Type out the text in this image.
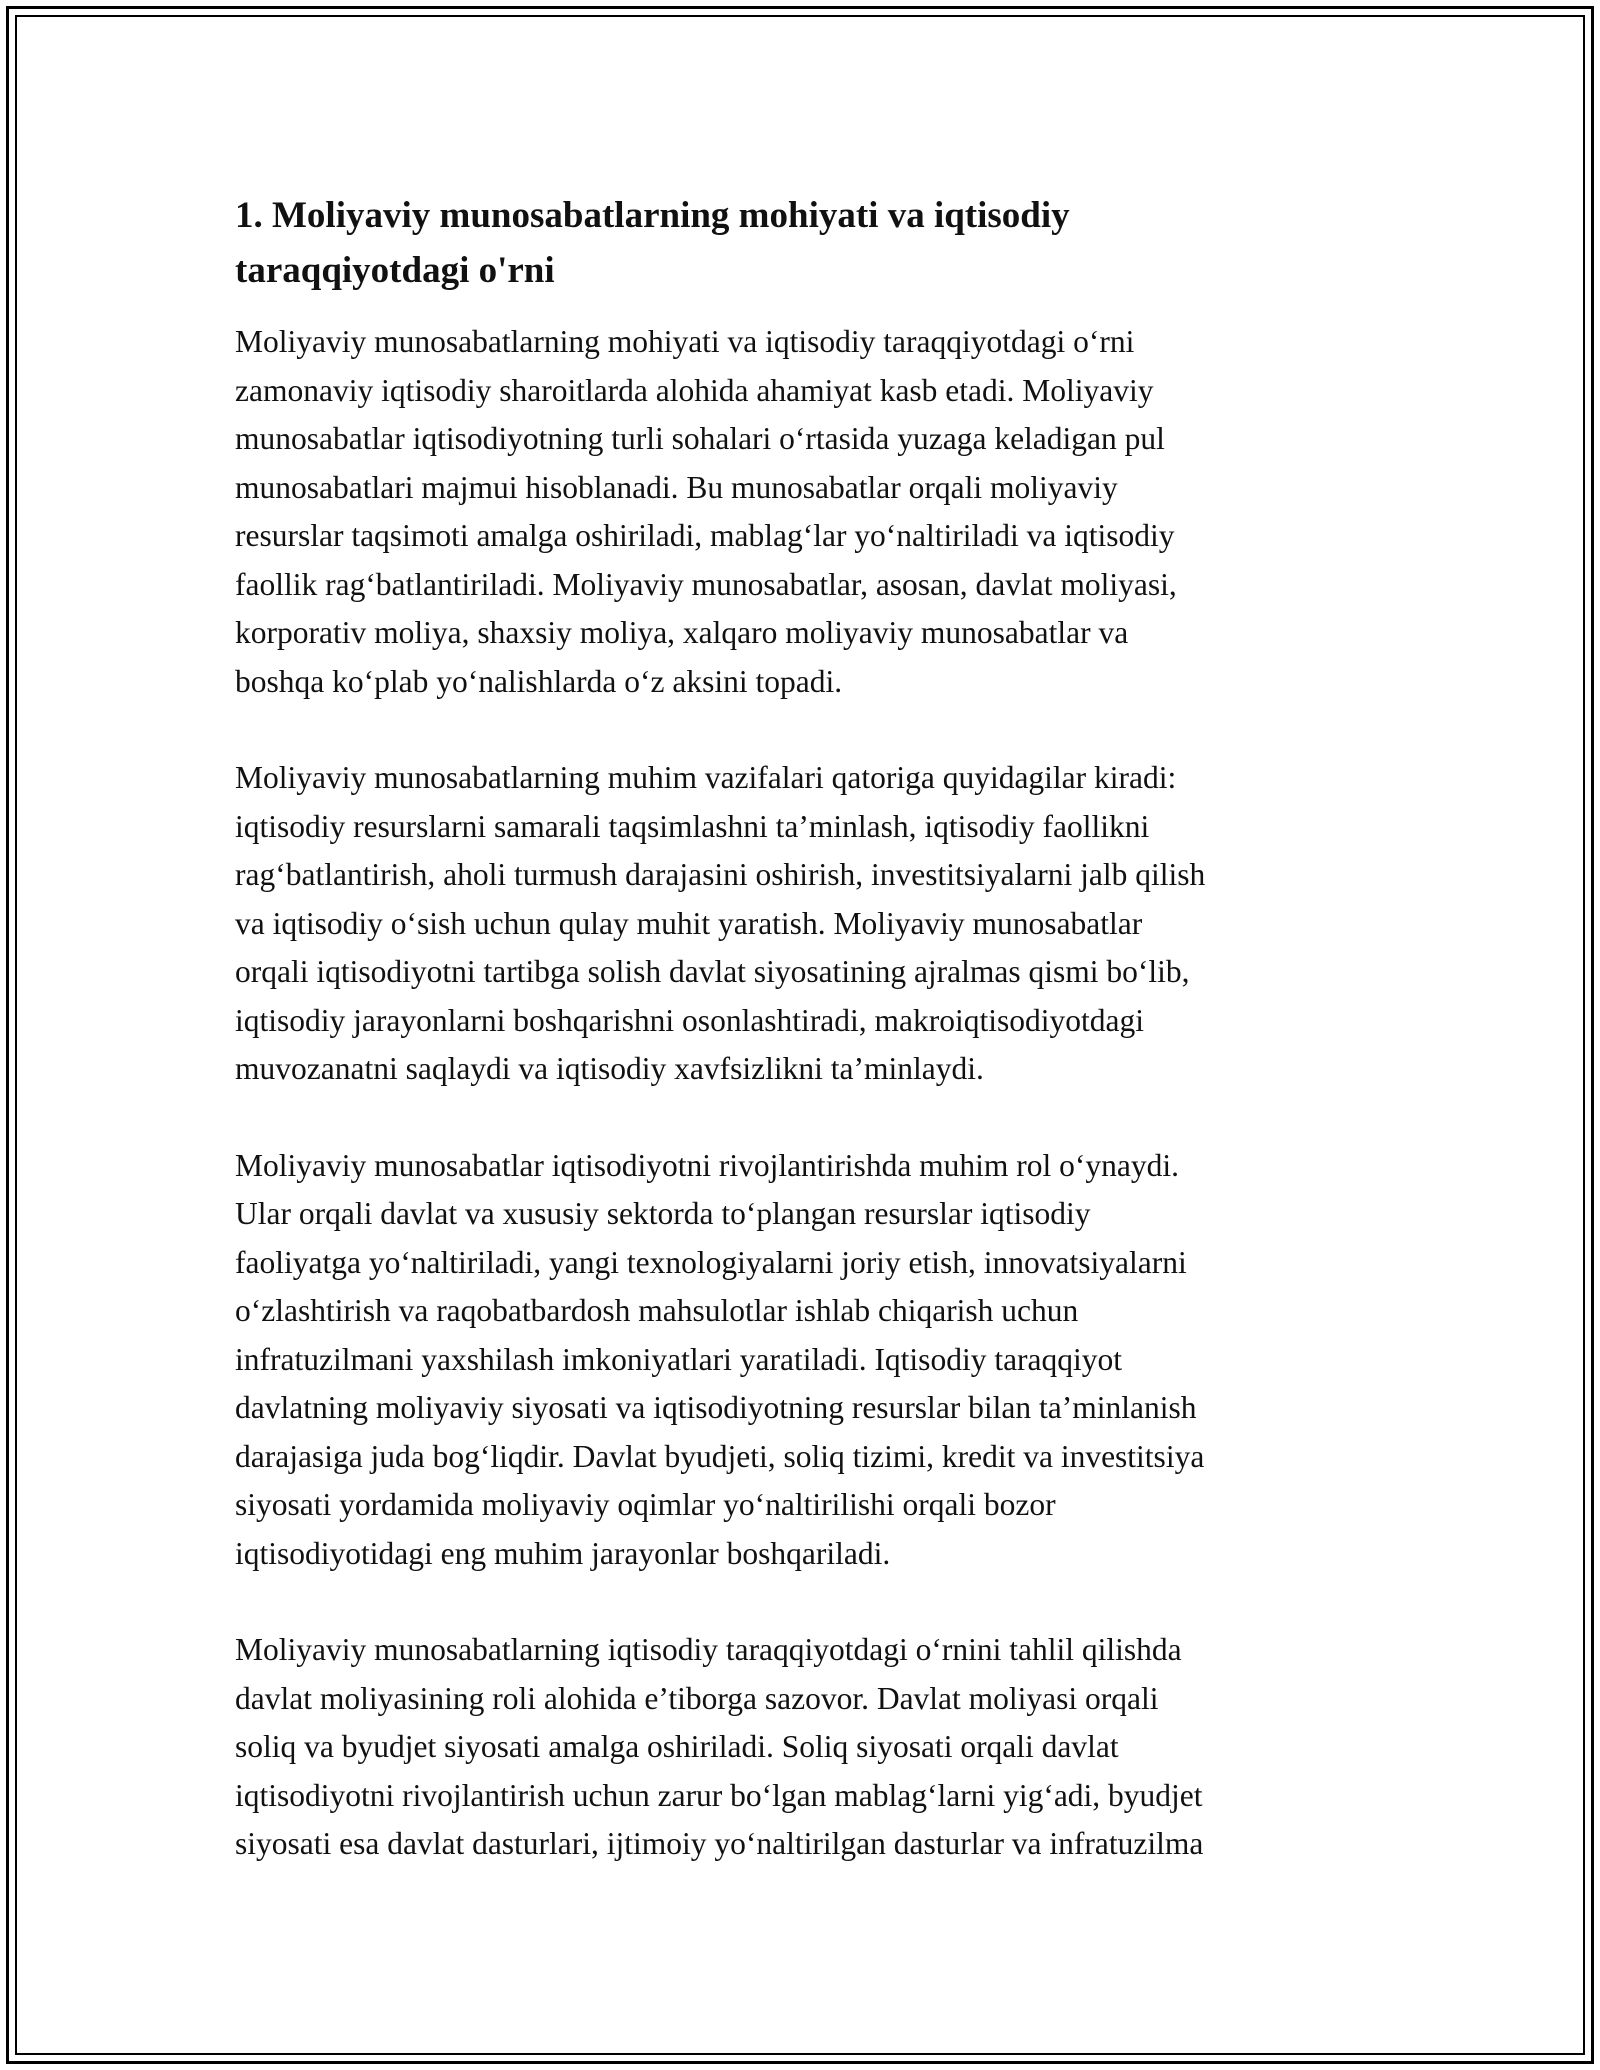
1. Moliyaviy munosabatlarning mohiyati va iqtisodiy
taraqqiyotdagi o'rni

Moliyaviy munosabatlarning mohiyati va iqtisodiy taraqqiyotdagi o‘rni
zamonaviy iqtisodiy sharoitlarda alohida ahamiyat kasb etadi. Moliyaviy
munosabatlar iqtisodiyotning turli sohalari o‘rtasida yuzaga keladigan pul
munosabatlari majmui hisoblanadi. Bu munosabatlar orqali moliyaviy
resurslar taqsimoti amalga oshiriladi, mablag‘lar yo‘naltiriladi va iqtisodiy
faollik rag‘batlantiriladi. Moliyaviy munosabatlar, asosan, davlat moliyasi,
korporativ moliya, shaxsiy moliya, xalqaro moliyaviy munosabatlar va
boshqa ko‘plab yo‘nalishlarda o‘z aksini topadi.

Moliyaviy munosabatlarning muhim vazifalari qatoriga quyidagilar kiradi:
iqtisodiy resurslarni samarali taqsimlashni ta’minlash, iqtisodiy faollikni
rag‘batlantirish, aholi turmush darajasini oshirish, investitsiyalarni jalb qilish
va iqtisodiy o‘sish uchun qulay muhit yaratish. Moliyaviy munosabatlar
orqali iqtisodiyotni tartibga solish davlat siyosatining ajralmas qismi bo‘lib,
iqtisodiy jarayonlarni boshqarishni osonlashtiradi, makroiqtisodiyotdagi
muvozanatni saqlaydi va iqtisodiy xavfsizlikni ta’minlaydi.

Moliyaviy munosabatlar iqtisodiyotni rivojlantirishda muhim rol o‘ynaydi.
Ular orqali davlat va xususiy sektorda to‘plangan resurslar iqtisodiy
faoliyatga yo‘naltiriladi, yangi texnologiyalarni joriy etish, innovatsiyalarni
o‘zlashtirish va raqobatbardosh mahsulotlar ishlab chiqarish uchun
infratuzilmani yaxshilash imkoniyatlari yaratiladi. Iqtisodiy taraqqiyot
davlatning moliyaviy siyosati va iqtisodiyotning resurslar bilan ta’minlanish
darajasiga juda bog‘liqdir. Davlat byudjeti, soliq tizimi, kredit va investitsiya
siyosati yordamida moliyaviy oqimlar yo‘naltirilishi orqali bozor
iqtisodiyotidagi eng muhim jarayonlar boshqariladi.

Moliyaviy munosabatlarning iqtisodiy taraqqiyotdagi o‘rnini tahlil qilishda
davlat moliyasining roli alohida e’tiborga sazovor. Davlat moliyasi orqali
soliq va byudjet siyosati amalga oshiriladi. Soliq siyosati orqali davlat
iqtisodiyotni rivojlantirish uchun zarur bo‘lgan mablag‘larni yig‘adi, byudjet
siyosati esa davlat dasturlari, ijtimoiy yo‘naltirilgan dasturlar va infratuzilma
